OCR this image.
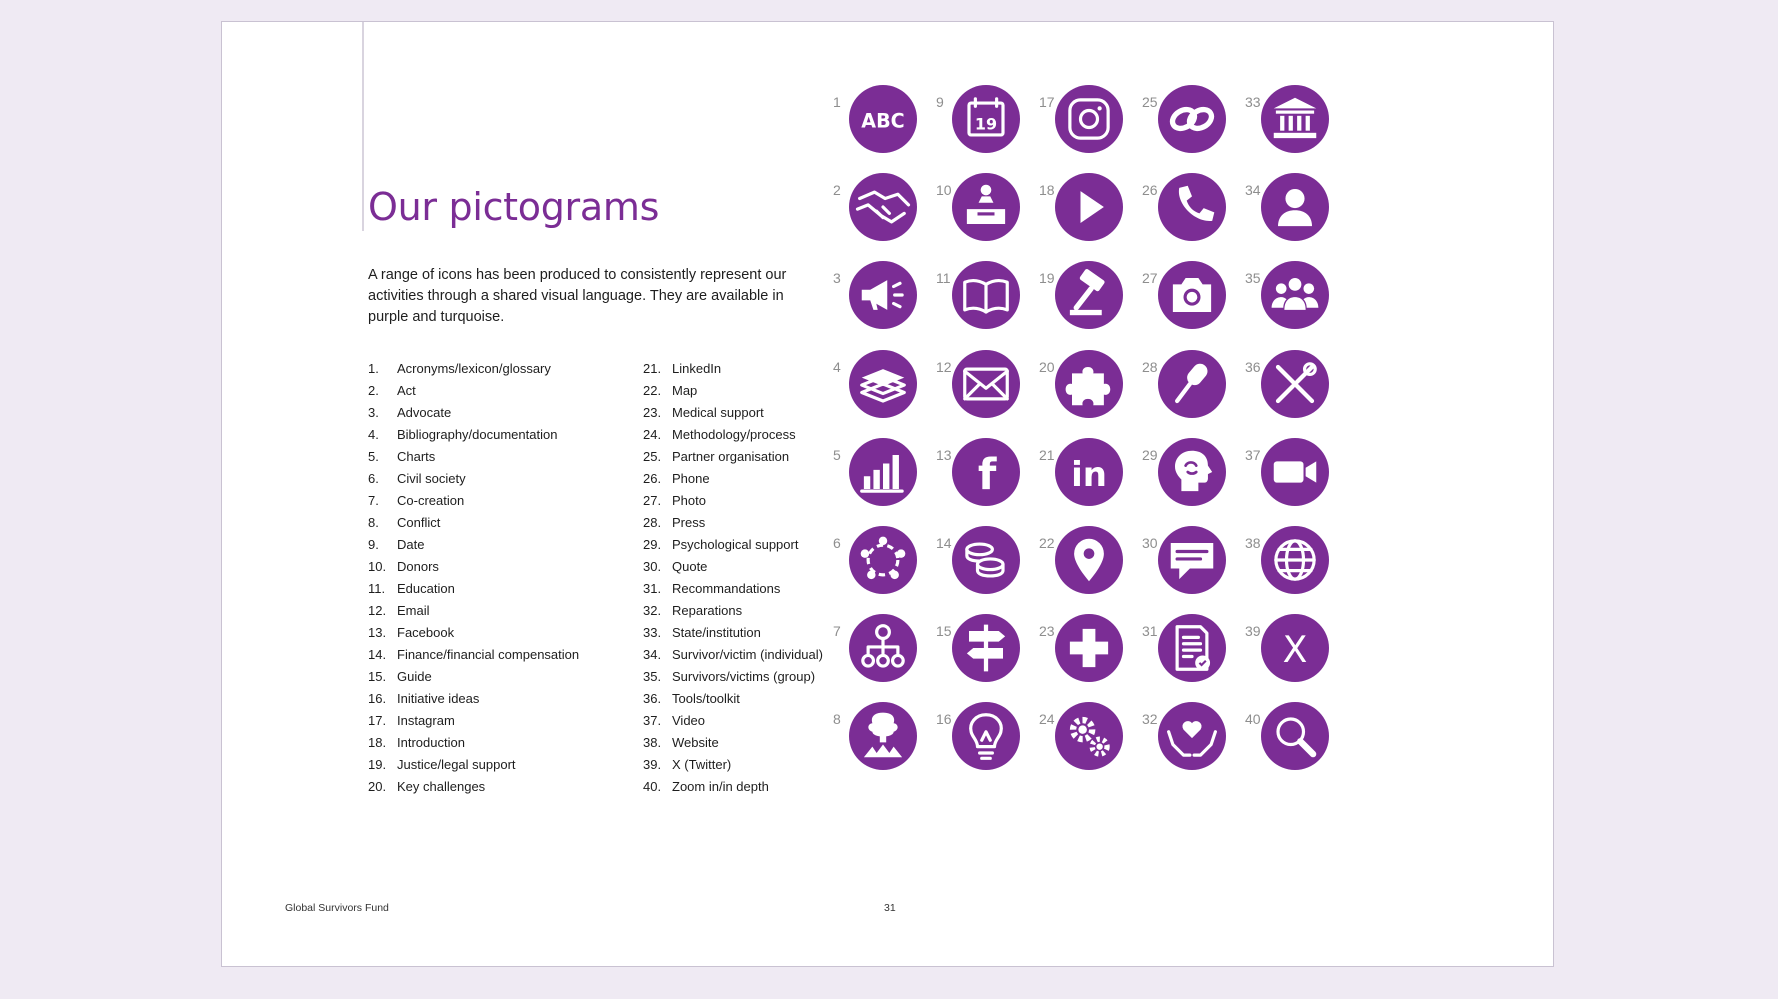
Our pictograms

A range of icons has been produced to consistently represent our activities through a shared visual language. They are available in purple and turquoise.

1.	Acronyms/lexicon/glossary
2.	Act
3.	Advocate
4.	Bibliography/documentation
5.	Charts
6.	Civil society
7.	Co-creation
8.	Conflict
9.	Date
10. Donors
11. Education
12. Email
13. Facebook
14. Finance/financial compensation
15. Guide
16. Initiative ideas
17. Instagram
18. Introduction
19. Justice/legal support
20. Key challenges
21. LinkedIn
22. Map
23. Medical support
24. Methodology/process
25. Partner organisation
26. Phone
27. Photo
28. Press
29. Psychological support
30. Quote
31. Recommandations
32. Reparations
33. State/institution
34. Survivor/victim (individual)
35. Survivors/victims (group)
36. Tools/toolkit
37. Video
38. Website
39. X (Twitter)
40. Zoom in/in depth
1
ABC
2
3
4
5
6
7
8
9
19
10
11
12
13 f
14
15
16
17
18
19
20
21 in
22
23
24
25
26
27
28
29
30
31
32
33
34
35
36
37
38
39 X
40
Global Survivors Fund	31
